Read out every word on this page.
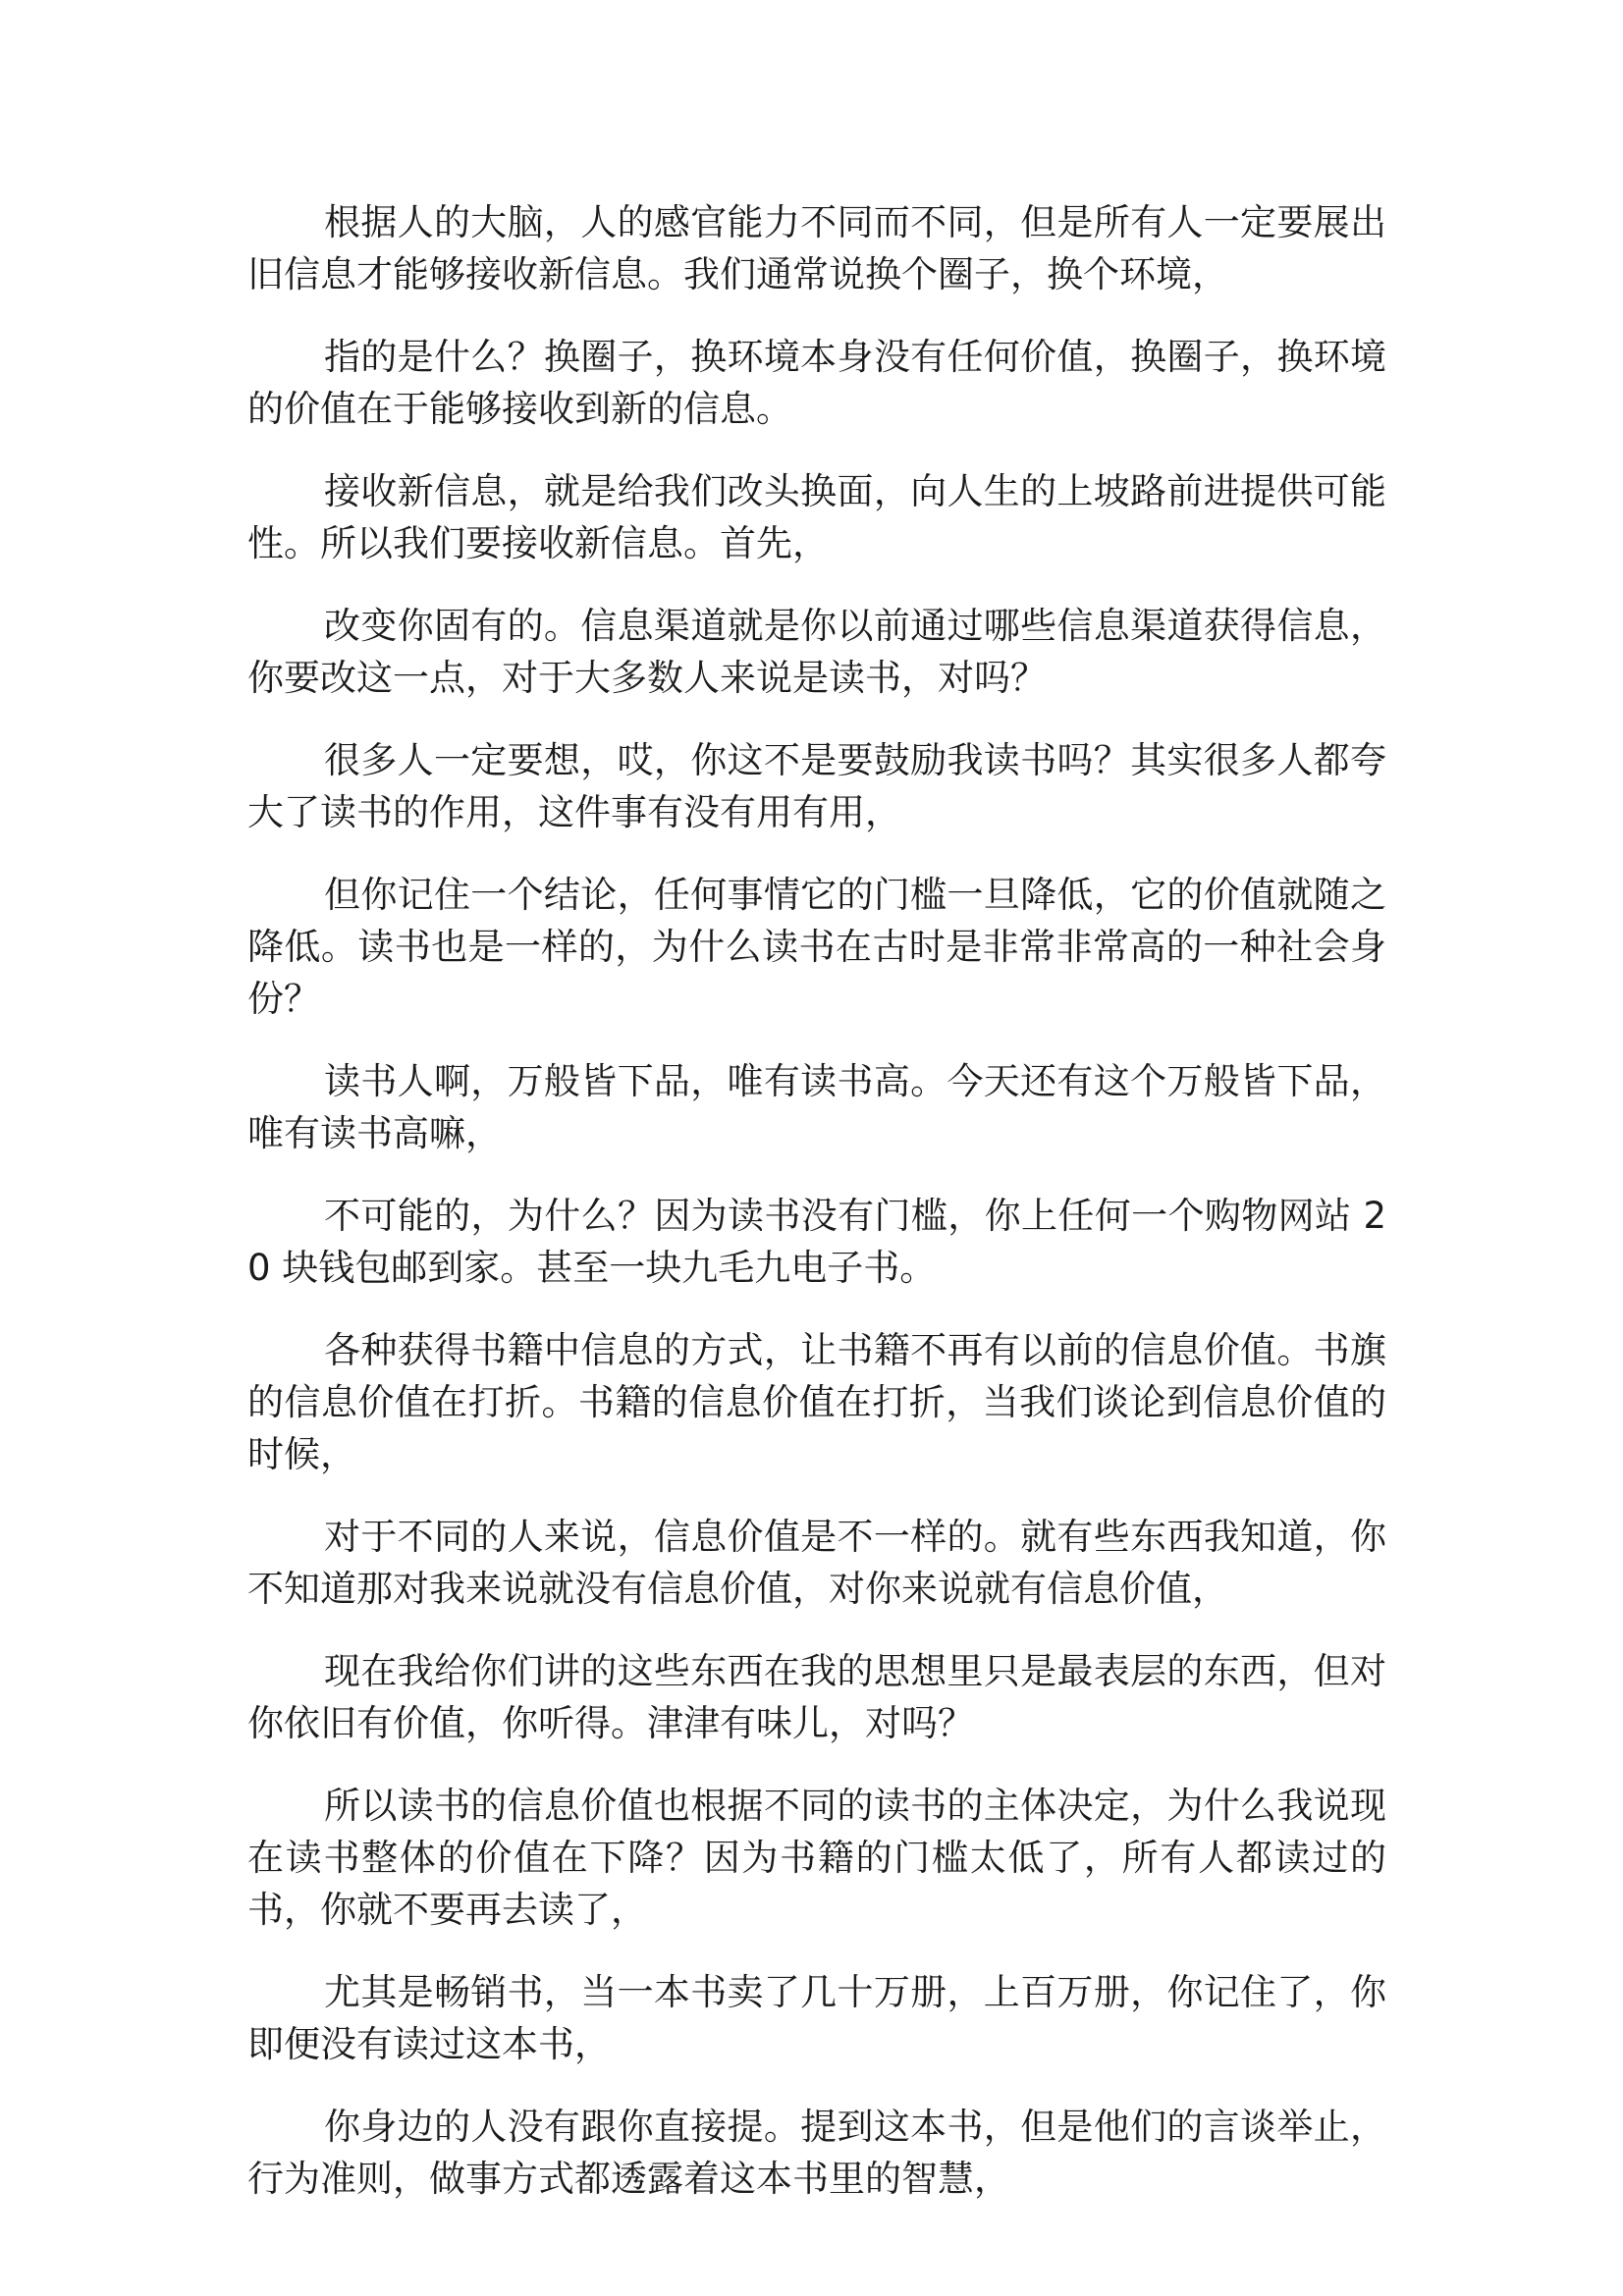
根据人的大脑，人的感官能力不同而不同，但是所有人一定要展出旧信息才能够接收新信息。我们通常说换个圈子，换个环境，

指的是什么？换圈子，换环境本身没有任何价值，换圈子，换环境的价值在于能够接收到新的信息。

接收新信息，就是给我们改头换面，向人生的上坡路前进提供可能性。所以我们要接收新信息。首先，

改变你固有的。信息渠道就是你以前通过哪些信息渠道获得信息，你要改这一点，对于大多数人来说是读书，对吗？

很多人一定要想，哎，你这不是要鼓励我读书吗？其实很多人都夸大了读书的作用，这件事有没有用有用，

但你记住一个结论，任何事情它的门槛一旦降低，它的价值就随之降低。读书也是一样的，为什么读书在古时是非常非常高的一种社会身份？

读书人啊，万般皆下品，唯有读书高。今天还有这个万般皆下品，唯有读书高嘛，

不可能的，为什么？因为读书没有门槛，你上任何一个购物网站 20 块钱包邮到家。甚至一块九毛九电子书。

各种获得书籍中信息的方式，让书籍不再有以前的信息价值。书旗的信息价值在打折。书籍的信息价值在打折，当我们谈论到信息价值的时候，

对于不同的人来说，信息价值是不一样的。就有些东西我知道，你不知道那对我来说就没有信息价值，对你来说就有信息价值，

现在我给你们讲的这些东西在我的思想里只是最表层的东西，但对你依旧有价值，你听得。津津有味儿，对吗？

所以读书的信息价值也根据不同的读书的主体决定，为什么我说现在读书整体的价值在下降？因为书籍的门槛太低了，所有人都读过的书，你就不要再去读了，

尤其是畅销书，当一本书卖了几十万册，上百万册，你记住了，你即便没有读过这本书，

你身边的人没有跟你直接提。提到这本书，但是他们的言谈举止，行为准则，做事方式都透露着这本书里的智慧，
